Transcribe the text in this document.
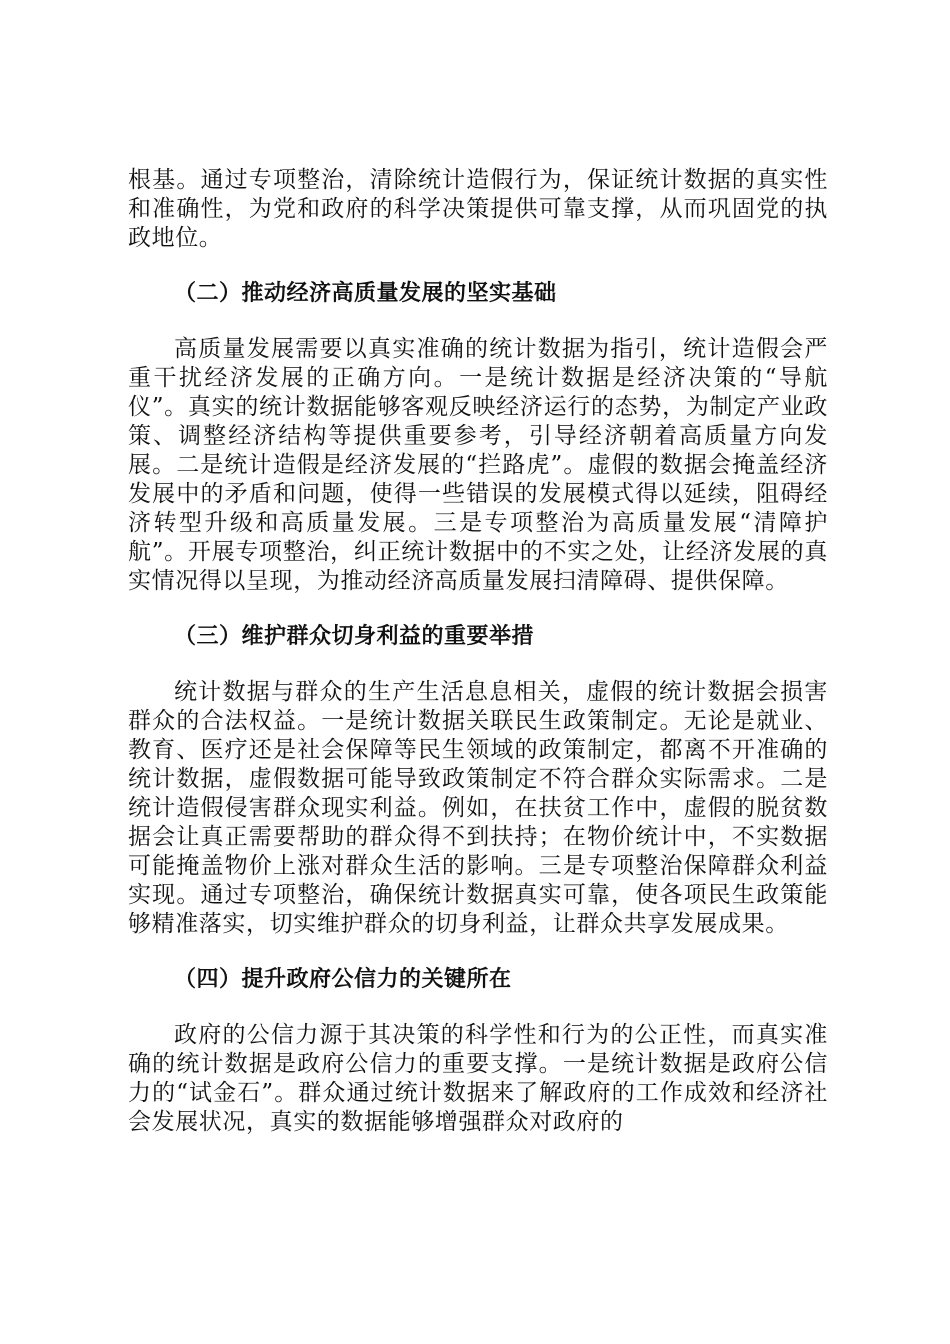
根基。通过专项整治，清除统计造假行为，保证统计数据的真实性和准确性，为党和政府的科学决策提供可靠支撑，从而巩固党的执政地位。

（二）推动经济高质量发展的坚实基础

高质量发展需要以真实准确的统计数据为指引，统计造假会严重干扰经济发展的正确方向。一是统计数据是经济决策的“导航仪”。真实的统计数据能够客观反映经济运行的态势，为制定产业政策、调整经济结构等提供重要参考，引导经济朝着高质量方向发展。二是统计造假是经济发展的“拦路虎”。虚假的数据会掩盖经济发展中的矛盾和问题，使得一些错误的发展模式得以延续，阻碍经济转型升级和高质量发展。三是专项整治为高质量发展“清障护航”。开展专项整治，纠正统计数据中的不实之处，让经济发展的真实情况得以呈现，为推动经济高质量发展扫清障碍、提供保障。

（三）维护群众切身利益的重要举措

统计数据与群众的生产生活息息相关，虚假的统计数据会损害群众的合法权益。一是统计数据关联民生政策制定。无论是就业、教育、医疗还是社会保障等民生领域的政策制定，都离不开准确的统计数据，虚假数据可能导致政策制定不符合群众实际需求。二是统计造假侵害群众现实利益。例如，在扶贫工作中，虚假的脱贫数据会让真正需要帮助的群众得不到扶持；在物价统计中，不实数据可能掩盖物价上涨对群众生活的影响。三是专项整治保障群众利益实现。通过专项整治，确保统计数据真实可靠，使各项民生政策能够精准落实，切实维护群众的切身利益，让群众共享发展成果。

（四）提升政府公信力的关键所在

政府的公信力源于其决策的科学性和行为的公正性，而真实准确的统计数据是政府公信力的重要支撑。一是统计数据是政府公信力的“试金石”。群众通过统计数据来了解政府的工作成效和经济社会发展状况，真实的数据能够增强群众对政府的
